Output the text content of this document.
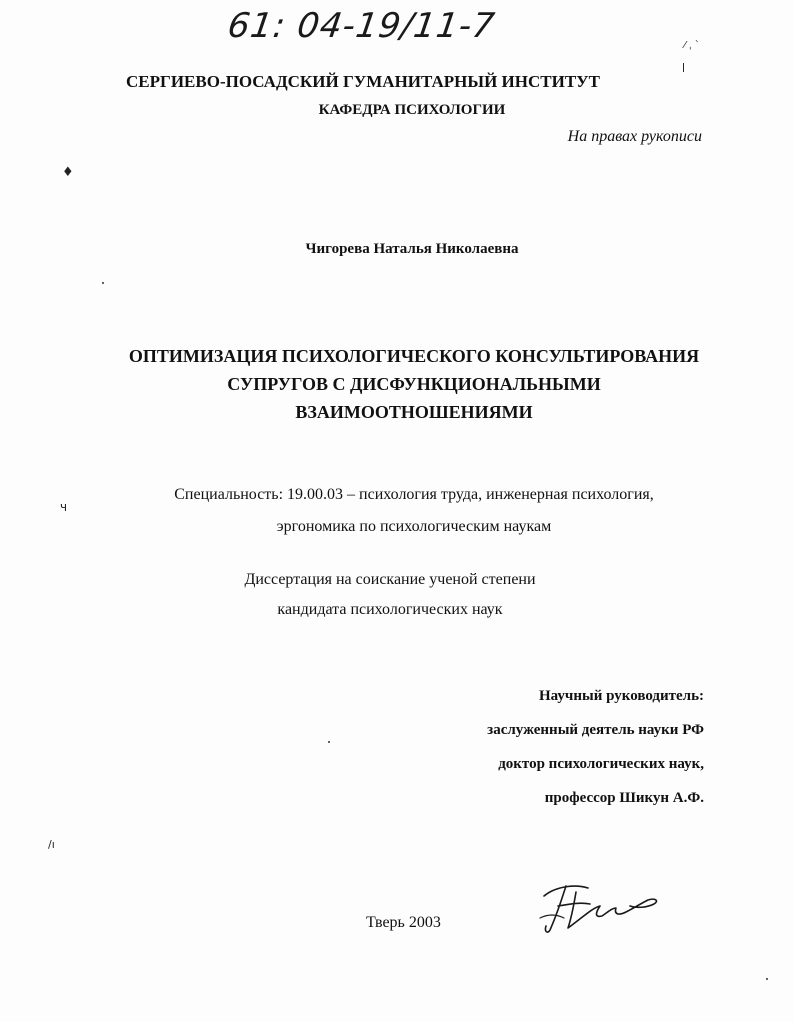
61: 04-19/11-7	⁄ ˌ ˋ
ǀ
СЕРГИЕВО-ПОСАДСКИЙ ГУМАНИТАРНЫЙ ИНСТИТУТ
КАФЕДРА ПСИХОЛОГИИ
На правах рукописи
♦
ч
/ı
Чигорева Наталья Николаевна
ОПТИМИЗАЦИЯ ПСИХОЛОГИЧЕСКОГО КОНСУЛЬТИРОВАНИЯ
СУПРУГОВ С ДИСФУНКЦИОНАЛЬНЫМИ
ВЗАИМООТНОШЕНИЯМИ
Специальность: 19.00.03 – психология труда, инженерная психология,
эргономика по психологическим наукам
Диссертация на соискание ученой степени
кандидата психологических наук
Научный руководитель:
заслуженный деятель науки РФ
доктор психологических наук,
профессор Шикун А.Ф.
Тверь 2003
